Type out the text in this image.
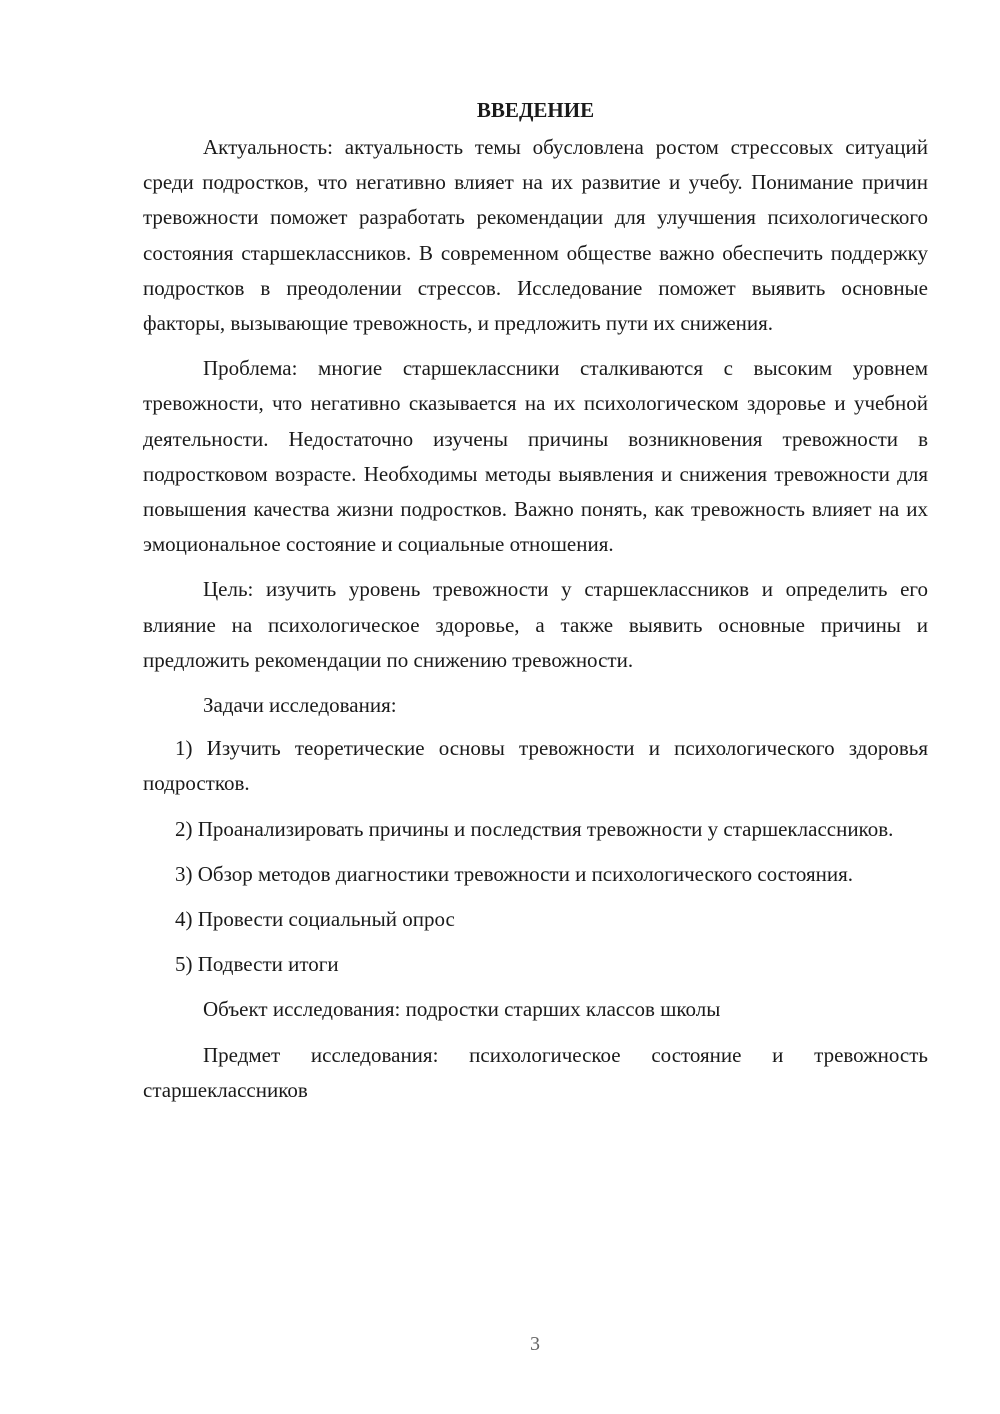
ВВЕДЕНИЕ

Актуальность: актуальность темы обусловлена ростом стрессовых ситуаций среди подростков, что негативно влияет на их развитие и учебу. Понимание причин тревожности поможет разработать рекомендации для улучшения психологического состояния старшеклассников. В современном обществе важно обеспечить поддержку подростков в преодолении стрессов. Исследование поможет выявить основные факторы, вызывающие тревожность, и предложить пути их снижения.

Проблема: многие старшеклассники сталкиваются с высоким уровнем тревожности, что негативно сказывается на их психологическом здоровье и учебной деятельности. Недостаточно изучены причины возникновения тревожности в подростковом возрасте. Необходимы методы выявления и снижения тревожности для повышения качества жизни подростков. Важно понять, как тревожность влияет на их эмоциональное состояние и социальные отношения.

Цель: изучить уровень тревожности у старшеклассников и определить его влияние на психологическое здоровье, а также выявить основные причины и предложить рекомендации по снижению тревожности.

Задачи исследования:

1) Изучить теоретические основы тревожности и психологического здоровья подростков.

2) Проанализировать причины и последствия тревожности у старшеклассников.

3) Обзор методов диагностики тревожности и психологического состояния.

4) Провести социальный опрос

5) Подвести итоги

Объект исследования: подростки старших классов школы

Предмет исследования: психологическое состояние и тревожность старшеклассников

3
